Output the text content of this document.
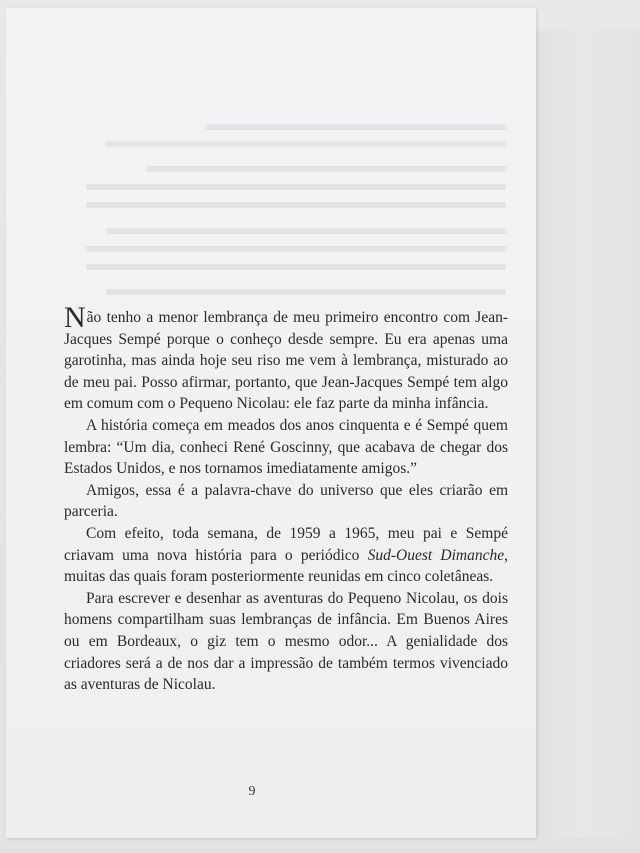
Não tenho a menor lembrança de meu primeiro encontro com Jean-Jacques Sempé porque o conheço desde sempre. Eu era apenas uma garotinha, mas ainda hoje seu riso me vem à lembrança, misturado ao de meu pai. Posso afirmar, portanto, que Jean-Jacques Sempé tem algo em comum com o Pequeno Nicolau: ele faz parte da minha infância.

A história começa em meados dos anos cinquenta e é Sempé quem lembra: “Um dia, conheci René Goscinny, que acabava de chegar dos Estados Unidos, e nos tornamos imediatamente amigos.”

Amigos, essa é a palavra-chave do universo que eles criarão em parceria.

Com efeito, toda semana, de 1959 a 1965, meu pai e Sempé criavam uma nova história para o periódico Sud-Ouest Dimanche, muitas das quais foram posteriormente reunidas em cinco coletâneas.

Para escrever e desenhar as aventuras do Pequeno Nicolau, os dois homens compartilham suas lembranças de infância. Em Buenos Aires ou em Bordeaux, o giz tem o mesmo odor... A genialidade dos criadores será a de nos dar a impressão de também termos vivenciado as aventuras de Nicolau.

9
